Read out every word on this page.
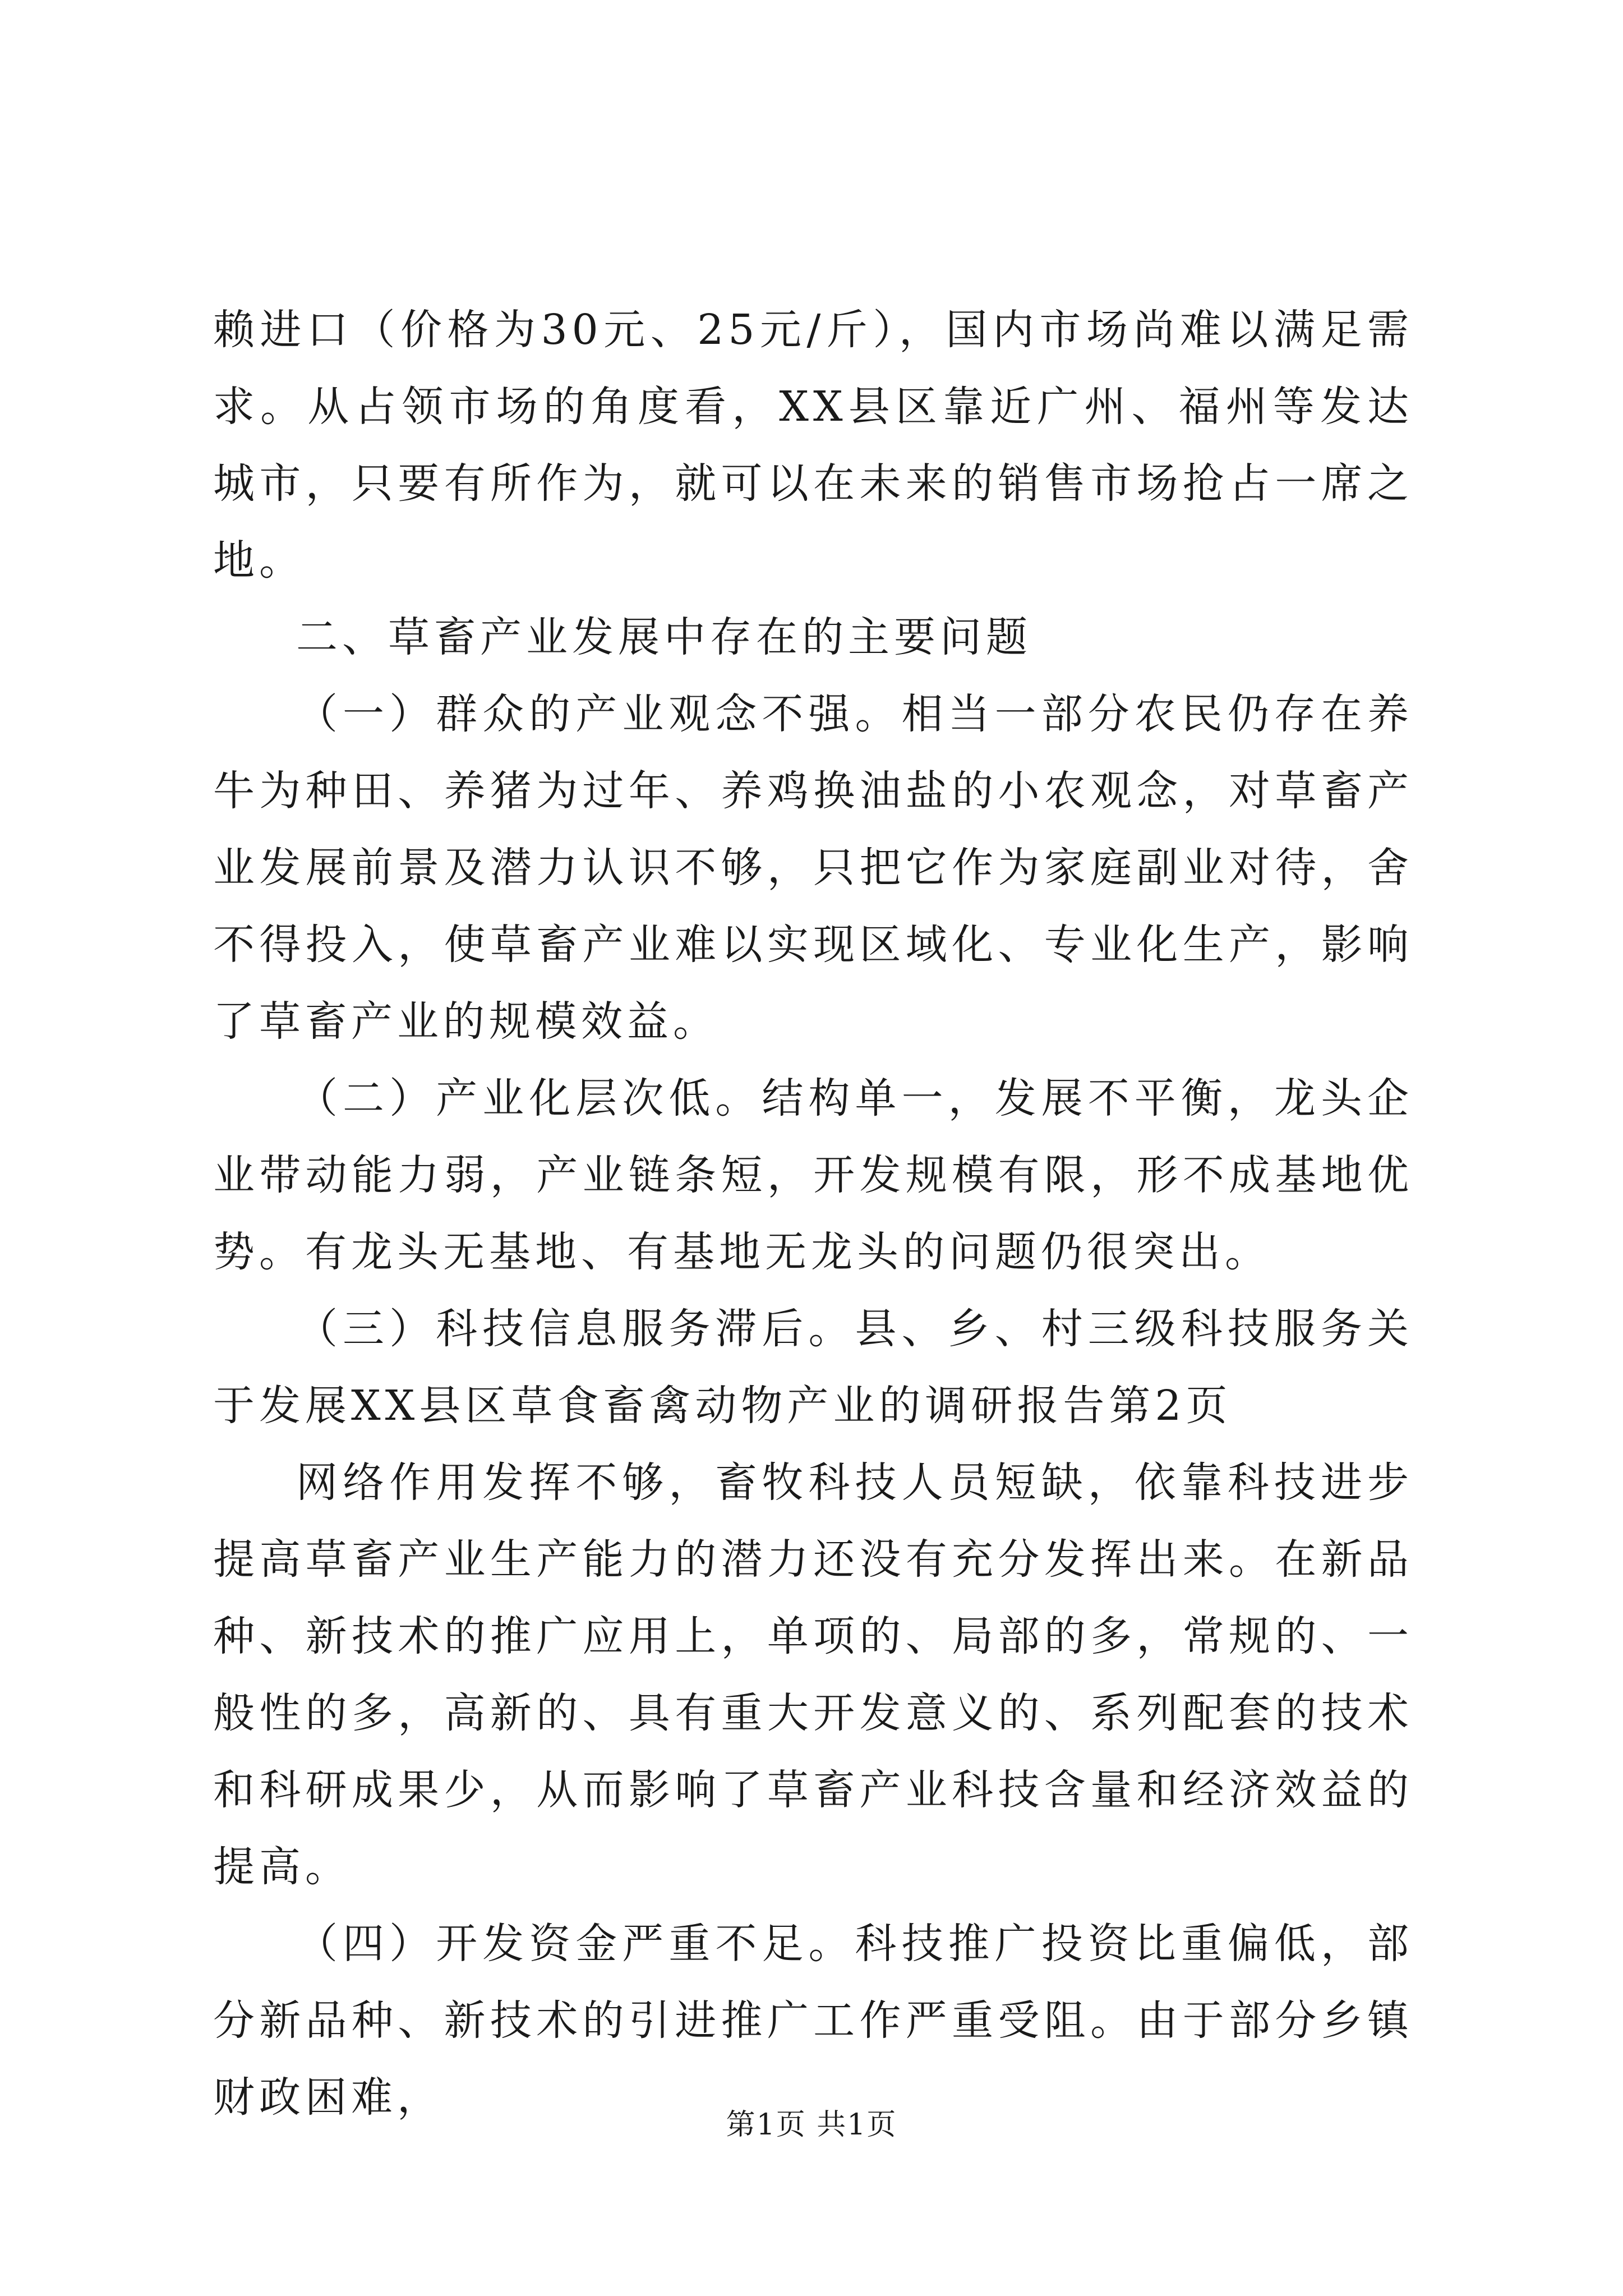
赖进口（价格为30元、25元/斤），国内市场尚难以满足需求。从占领市场的角度看，XX县区靠近广州、福州等发达城市，只要有所作为，就可以在未来的销售市场抢占一席之地。

二、草畜产业发展中存在的主要问题

（一）群众的产业观念不强。相当一部分农民仍存在养牛为种田、养猪为过年、养鸡换油盐的小农观念，对草畜产业发展前景及潜力认识不够，只把它作为家庭副业对待，舍不得投入，使草畜产业难以实现区域化、专业化生产，影响了草畜产业的规模效益。

（二）产业化层次低。结构单一，发展不平衡，龙头企业带动能力弱，产业链条短，开发规模有限，形不成基地优势。有龙头无基地、有基地无龙头的问题仍很突出。

（三）科技信息服务滞后。县、乡、村三级科技服务关于发展XX县区草食畜禽动物产业的调研报告第2页

网络作用发挥不够，畜牧科技人员短缺，依靠科技进步提高草畜产业生产能力的潜力还没有充分发挥出来。在新品种、新技术的推广应用上，单项的、局部的多，常规的、一般性的多，高新的、具有重大开发意义的、系列配套的技术和科研成果少，从而影响了草畜产业科技含量和经济效益的提高。

（四）开发资金严重不足。科技推广投资比重偏低，部分新品种、新技术的引进推广工作严重受阻。由于部分乡镇财政困难，

第1页 共1页
